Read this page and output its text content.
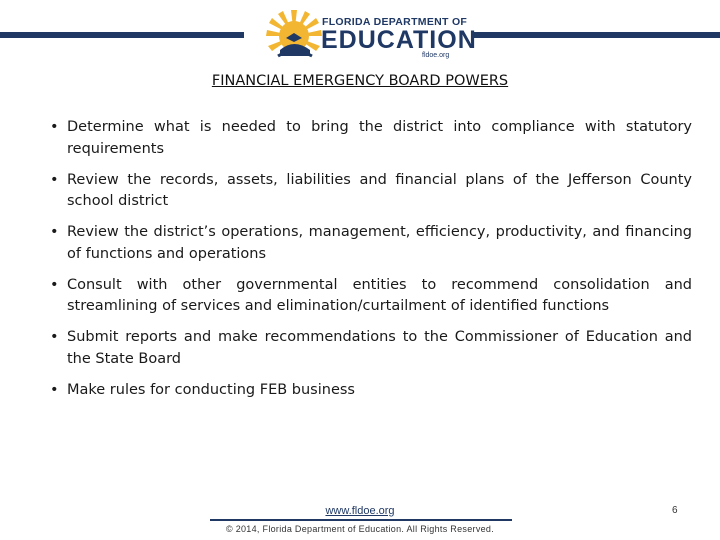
FLORIDA DEPARTMENT OF
EDUCATION
fldoe.org
FINANCIAL EMERGENCY BOARD POWERS
• Determine what is needed to bring the district into compliance with statutory requirements
• Review the records, assets, liabilities and financial plans of the Jefferson County school district
• Review the district’s operations, management, efficiency, productivity, and financing of functions and operations
• Consult with other governmental entities to recommend consolidation and streamlining of services and elimination/curtailment of identified functions
• Submit reports and make recommendations to the Commissioner of Education and the State Board
• Make rules for conducting FEB business
www.fldoe.org
© 2014, Florida Department of Education. All Rights Reserved.
6
